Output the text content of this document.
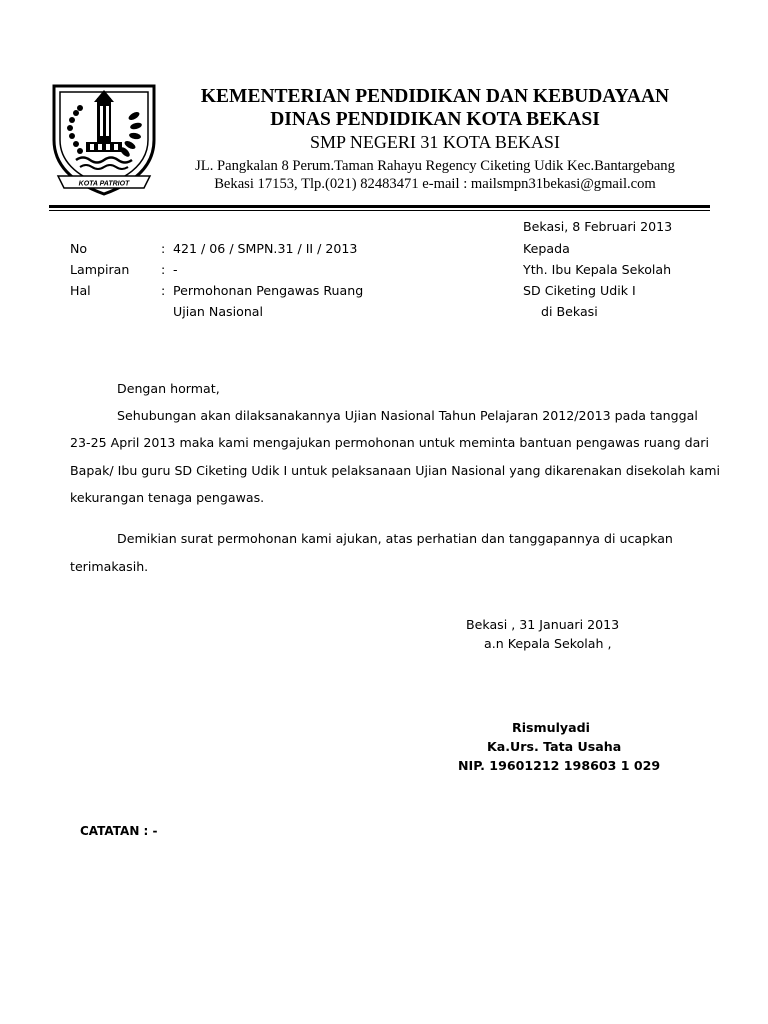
KOTA PATRIOT
KEMENTERIAN PENDIDIKAN DAN KEBUDAYAAN
DINAS PENDIDIKAN KOTA BEKASI
SMP NEGERI 31 KOTA BEKASI
JL. Pangkalan 8 Perum.Taman Rahayu Regency Ciketing Udik Kec.Bantargebang
Bekasi 17153, Tlp.(021) 82483471 e-mail : mailsmpn31bekasi@gmail.com
No	: 421 / 06 / SMPN.31 / II / 2013
Lampiran	: -
Hal	: Permohonan Pengawas Ruang
Ujian Nasional
Bekasi, 8 Februari 2013
Kepada
Yth. Ibu Kepala Sekolah
SD Ciketing Udik I
di Bekasi
Dengan hormat,
Sehubungan akan dilaksanakannya Ujian Nasional Tahun Pelajaran 2012/2013 pada tanggal
23-25 April 2013 maka kami mengajukan permohonan untuk meminta bantuan pengawas ruang dari
Bapak/ Ibu guru SD Ciketing Udik I untuk pelaksanaan Ujian Nasional yang dikarenakan disekolah kami
kekurangan tenaga pengawas.
Demikian surat permohonan kami ajukan, atas perhatian dan tanggapannya di ucapkan
terimakasih.
Bekasi , 31 Januari 2013
a.n Kepala Sekolah ,
Rismulyadi
Ka.Urs. Tata Usaha
NIP. 19601212 198603 1 029
CATATAN : -
